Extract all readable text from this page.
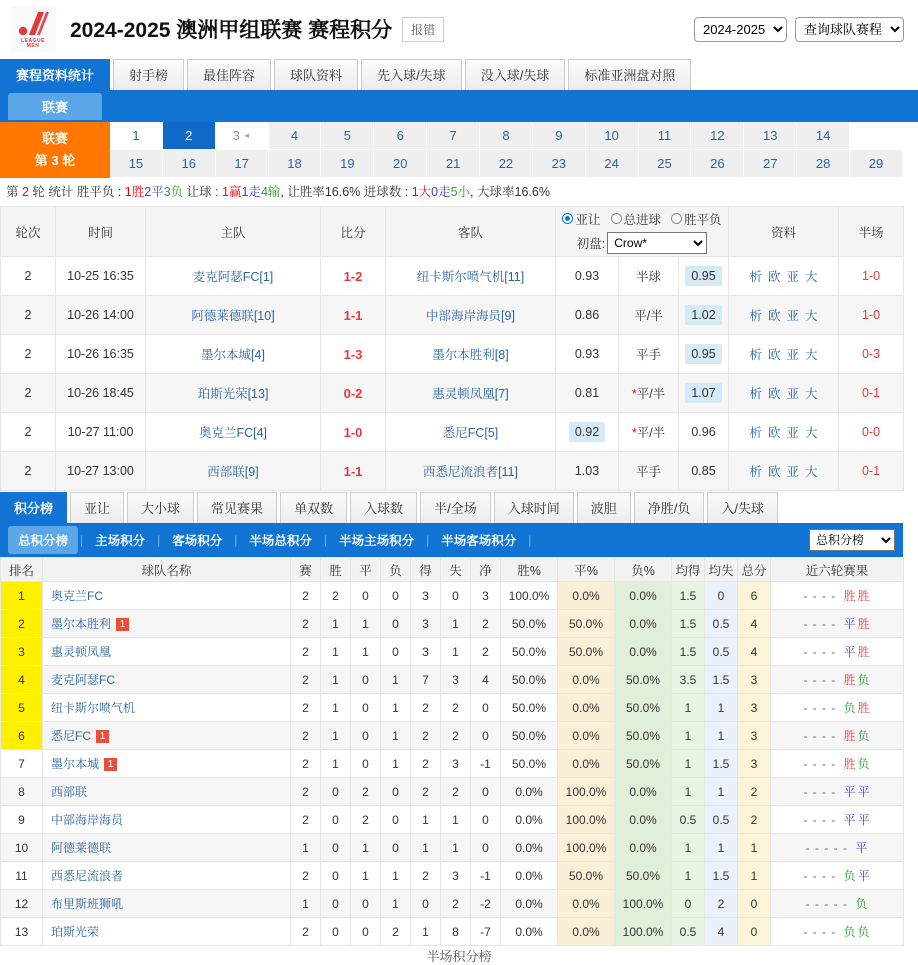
LEAGUE
MEN
2024-2025 澳洲甲组联赛 赛程积分	报错
2024-2025
查询球队赛程
赛程资料统计	射手榜	最佳阵容	球队资料	先入球/失球	没入球/失球	标准亚洲盘对照
联赛
联赛
第 3 轮
1	2	3 ◄	4	5	6	7	8	9	10	11	12	13	14
15	16	17	18	19	20	21	22	23	24	25	26	27	28	29
第 2 轮 统计 胜平负 : 1胜2平3负 让球 : 1赢1走4输, 让胜率16.6% 进球数 : 1大0走5小, 大球率16.6%
轮次	时间	主队	比分	客队	亚让 总进球 胜平负
初盘:
Crow*			资料	半场
2	10-25 16:35	麦克阿瑟FC[1]	1-2	纽卡斯尔喷气机[11]	0.93	半球	0.95	析 欧 亚 大	1-0
2	10-26 14:00	阿德莱德联[10]	1-1	中部海岸海员[9]	0.86	平/半	1.02	析 欧 亚 大	1-0
2	10-26 16:35	墨尔本城[4]	1-3	墨尔本胜利[8]	0.93	平手	0.95	析 欧 亚 大	0-3
2	10-26 18:45	珀斯光荣[13]	0-2	惠灵顿凤凰[7]	0.81	*平/半	1.07	析 欧 亚 大	0-1
2	10-27 11:00	奥克兰FC[4]	1-0	悉尼FC[5]	0.92	*平/半	0.96	析 欧 亚 大	0-0
2	10-27 13:00	西部联[9]	1-1	西悉尼流浪者[11]	1.03	平手	0.85	析 欧 亚 大	0-1
积分榜	亚让	大小球	常见赛果	单双数	入球数	半/全场	入球时间	波胆	净胜/负	入/失球
总积分榜	| 主场积分	| 客场积分	| 半场总积分	| 半场主场积分	| 半场客场积分	|
总积分榜
排名	球队名称	赛	胜	平	负	得	失	净	胜%	平%	负%	均得	均失	总分	近六轮赛果
1	奥克兰FC	2	2	0	0	3	0	3	100.0%	0.0%	0.0%	1.5	0	6	- - - - 胜 胜
2	墨尔本胜利 1	2	1	1	0	3	1	2	50.0%	50.0%	0.0%	1.5	0.5	4	- - - - 平 胜
3	惠灵顿凤凰	2	1	1	0	3	1	2	50.0%	50.0%	0.0%	1.5	0.5	4	- - - - 平 胜
4	麦克阿瑟FC	2	1	0	1	7	3	4	50.0%	0.0%	50.0%	3.5	1.5	3	- - - - 胜 负
5	纽卡斯尔喷气机	2	1	0	1	2	2	0	50.0%	0.0%	50.0%	1	1	3	- - - - 负 胜
6	悉尼FC 1	2	1	0	1	2	2	0	50.0%	0.0%	50.0%	1	1	3	- - - - 胜 负
7	墨尔本城 1	2	1	0	1	2	3	-1	50.0%	0.0%	50.0%	1	1.5	3	- - - - 胜 负
8	西部联	2	0	2	0	2	2	0	0.0%	100.0%	0.0%	1	1	2	- - - - 平 平
9	中部海岸海员	2	0	2	0	1	1	0	0.0%	100.0%	0.0%	0.5	0.5	2	- - - - 平 平
10	阿德莱德联	1	0	1	0	1	1	0	0.0%	100.0%	0.0%	1	1	1	- - - - - 平
11	西悉尼流浪者	2	0	1	1	2	3	-1	0.0%	50.0%	50.0%	1	1.5	1	- - - - 负 平
12	布里斯班狮吼	1	0	0	1	0	2	-2	0.0%	0.0%	100.0%	0	2	0	- - - - - 负
13	珀斯光荣	2	0	0	2	1	8	-7	0.0%	0.0%	100.0%	0.5	4	0	- - - - 负 负
半场积分榜
